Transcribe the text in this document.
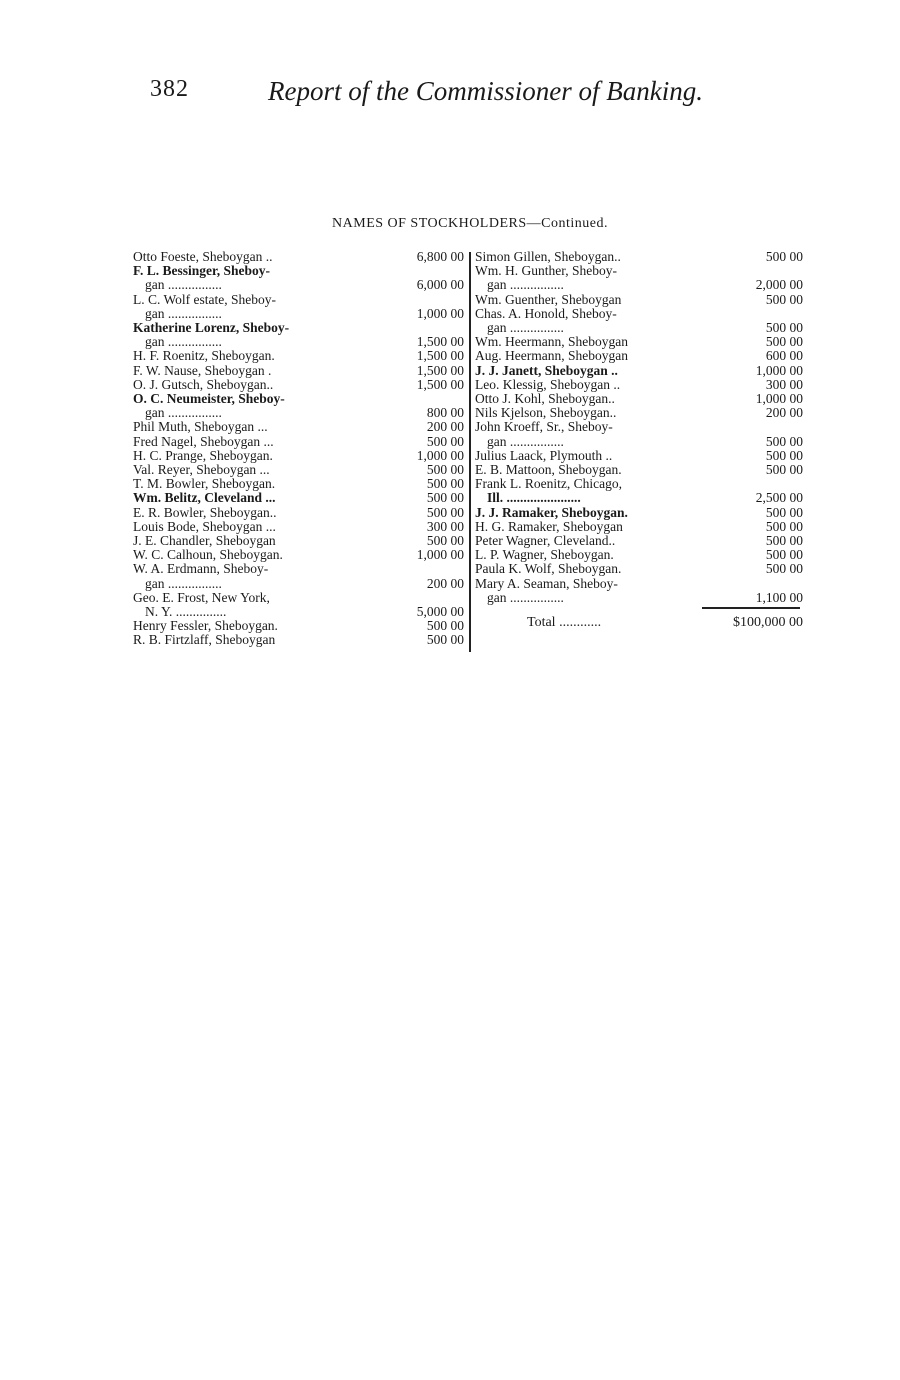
382	Report of the Commissioner of Banking.
NAMES OF STOCKHOLDERS—Continued.
Otto Foeste, Sheboygan ..	6,800 00
F. L. Bessinger, Sheboy-
gan ................	6,000 00
L. C. Wolf estate, Sheboy-
gan ................	1,000 00
Katherine Lorenz, Sheboy-
gan ................	1,500 00
H. F. Roenitz, Sheboygan.	1,500 00
F. W. Nause, Sheboygan .	1,500 00
O. J. Gutsch, Sheboygan..	1,500 00
O. C. Neumeister, Sheboy-
gan ................	800 00
Phil Muth, Sheboygan ...	200 00
Fred Nagel, Sheboygan ...	500 00
H. C. Prange, Sheboygan.	1,000 00
Val. Reyer, Sheboygan ...	500 00
T. M. Bowler, Sheboygan.	500 00
Wm. Belitz, Cleveland ...	500 00
E. R. Bowler, Sheboygan..	500 00
Louis Bode, Sheboygan ...	300 00
J. E. Chandler, Sheboygan	500 00
W. C. Calhoun, Sheboygan.	1,000 00
W. A. Erdmann, Sheboy-
gan ................	200 00
Geo. E. Frost, New York,
N. Y. ...............	5,000 00
Henry Fessler, Sheboygan.	500 00
R. B. Firtzlaff, Sheboygan	500 00
Simon Gillen, Sheboygan..	500 00
Wm. H. Gunther, Sheboy-
gan ................	2,000 00
Wm. Guenther, Sheboygan	500 00
Chas. A. Honold, Sheboy-
gan ................	500 00
Wm. Heermann, Sheboygan	500 00
Aug. Heermann, Sheboygan	600 00
J. J. Janett, Sheboygan ..	1,000 00
Leo. Klessig, Sheboygan ..	300 00
Otto J. Kohl, Sheboygan..	1,000 00
Nils Kjelson, Sheboygan..	200 00
John Kroeff, Sr., Sheboy-
gan ................	500 00
Julius Laack, Plymouth ..	500 00
E. B. Mattoon, Sheboygan.	500 00
Frank L. Roenitz, Chicago,
Ill. ......................	2,500 00
J. J. Ramaker, Sheboygan.	500 00
H. G. Ramaker, Sheboygan	500 00
Peter Wagner, Cleveland..	500 00
L. P. Wagner, Sheboygan.	500 00
Paula K. Wolf, Sheboygan.	500 00
Mary A. Seaman, Sheboy-
gan ................	1,100 00
Total ............	$100,000 00
